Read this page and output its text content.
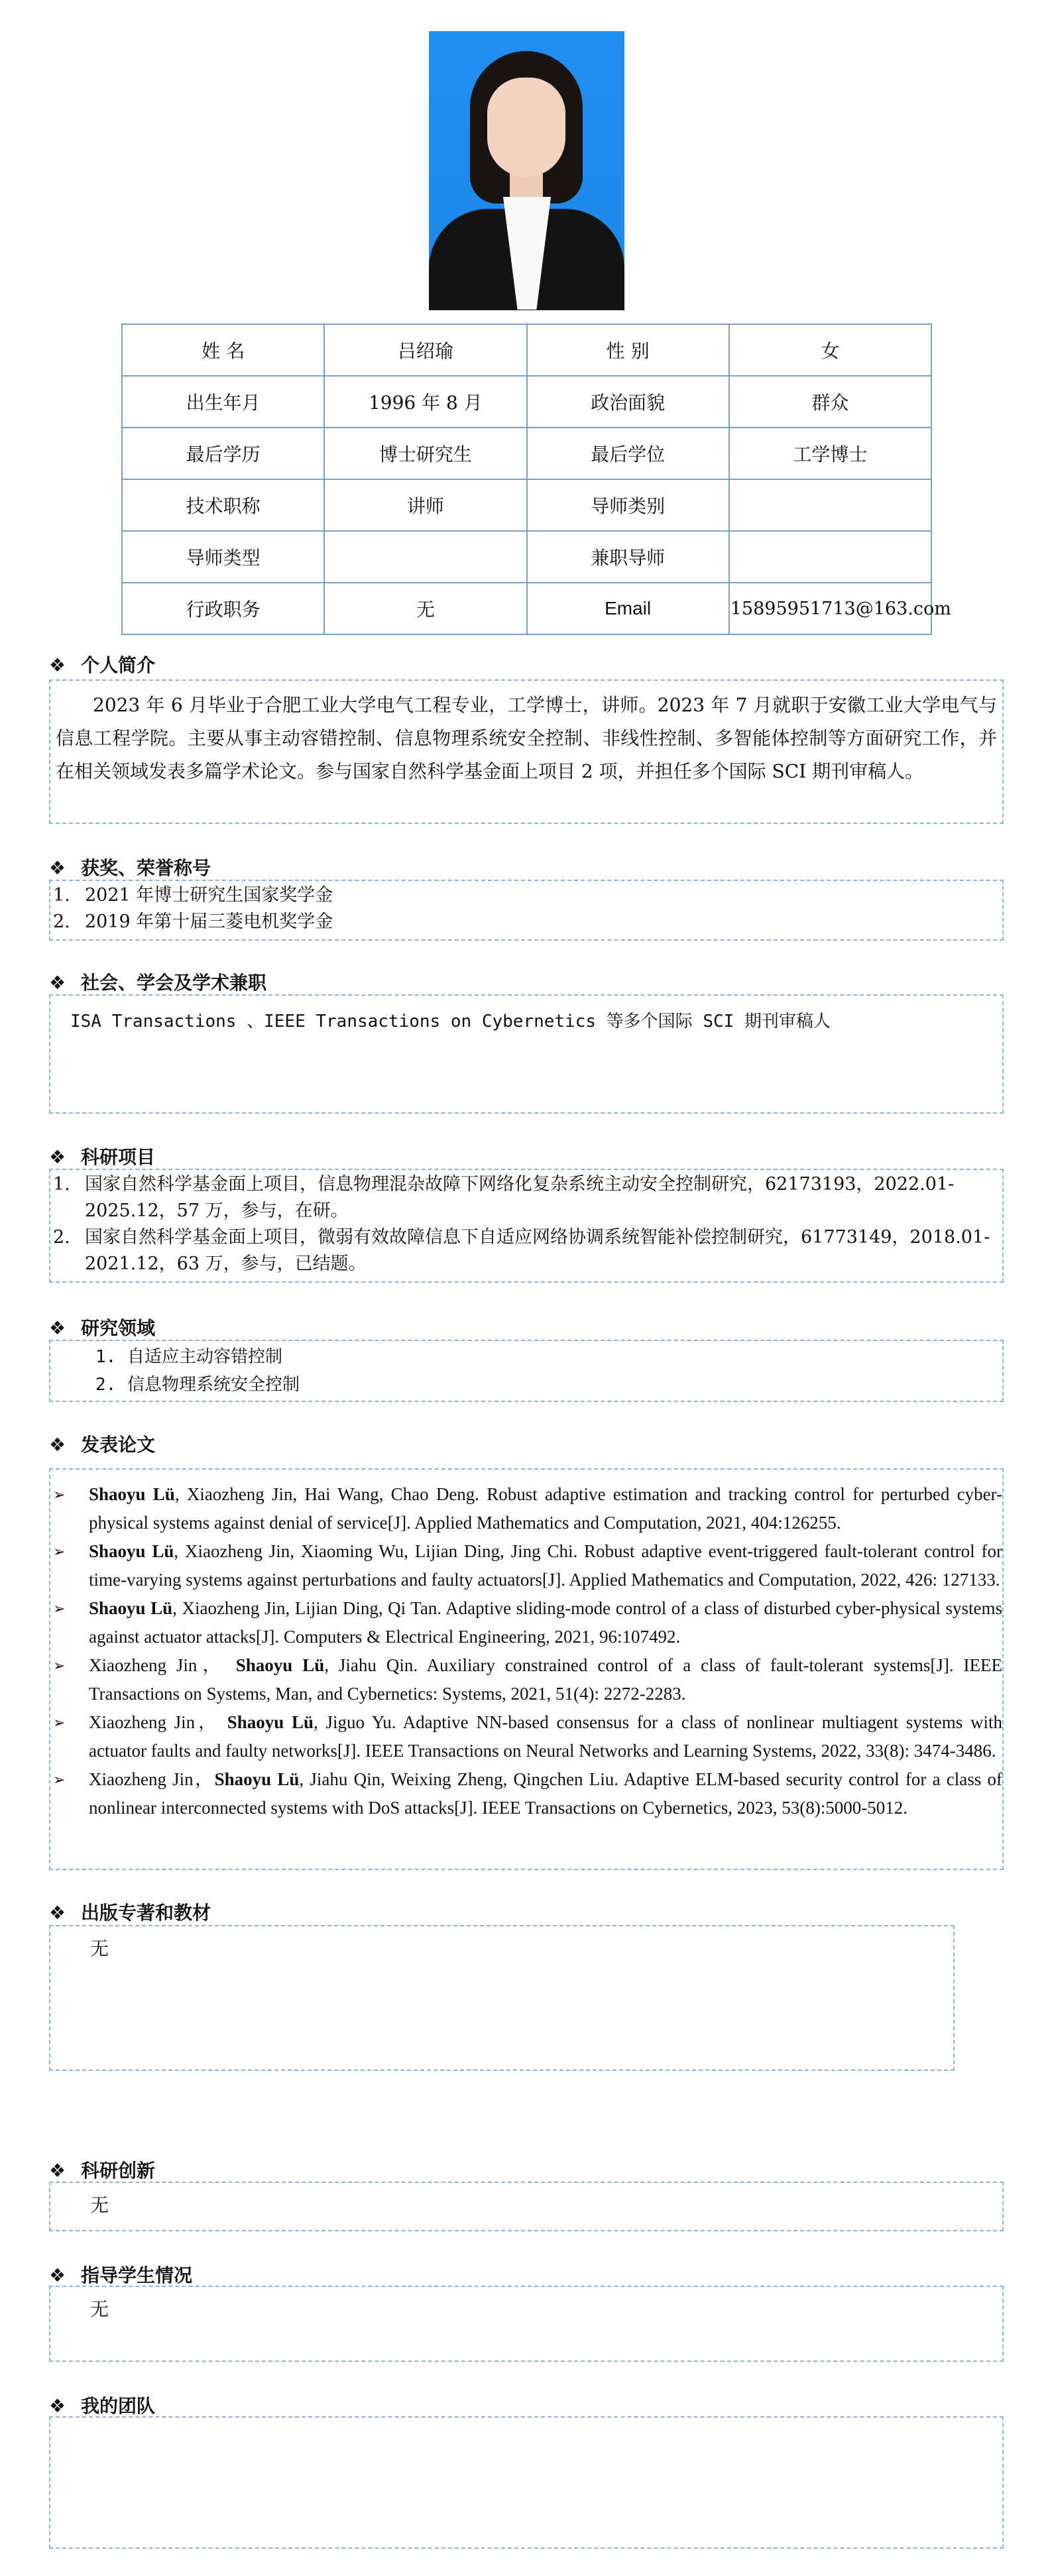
姓 名	吕绍瑜	性 别	女
出生年月	1996 年 8 月	政治面貌	群众
最后学历	博士研究生	最后学位	工学博士
技术职称	讲师	导师类别	
导师类型		兼职导师	
行政职务	无	Email	15895951713@163.com
❖ 个人简介
2023 年 6 月毕业于合肥工业大学电气工程专业，工学博士，讲师。2023 年 7 月就职于安徽工业大学电气与信息工程学院。主要从事主动容错控制、信息物理系统安全控制、非线性控制、多智能体控制等方面研究工作，并在相关领域发表多篇学术论文。参与国家自然科学基金面上项目 2 项，并担任多个国际 SCI 期刊审稿人。
❖ 获奖、荣誉称号
1. 2021 年博士研究生国家奖学金
2. 2019 年第十届三菱电机奖学金
❖ 社会、学会及学术兼职
ISA Transactions 、IEEE Transactions on Cybernetics 等多个国际 SCI 期刊审稿人
❖ 科研项目
1. 国家自然科学基金面上项目，信息物理混杂故障下网络化复杂系统主动安全控制研究，62173193，2022.01-2025.12，57 万，参与，在研。
2. 国家自然科学基金面上项目，微弱有效故障信息下自适应网络协调系统智能补偿控制研究，61773149，2018.01-2021.12，63 万，参与，已结题。
❖ 研究领域
1. 自适应主动容错控制
2. 信息物理系统安全控制
❖ 发表论文
➢ Shaoyu Lü, Xiaozheng Jin, Hai Wang, Chao Deng. Robust adaptive estimation and tracking control for perturbed cyber-physical systems against denial of service[J]. Applied Mathematics and Computation, 2021, 404:126255.
➢ Shaoyu Lü, Xiaozheng Jin, Xiaoming Wu, Lijian Ding, Jing Chi. Robust adaptive event-triggered fault-tolerant control for time-varying systems against perturbations and faulty actuators[J]. Applied Mathematics and Computation, 2022, 426: 127133.
➢ Shaoyu Lü, Xiaozheng Jin, Lijian Ding, Qi Tan. Adaptive sliding-mode control of a class of disturbed cyber-physical systems against actuator attacks[J]. Computers & Electrical Engineering, 2021, 96:107492.
➢ Xiaozheng Jin， Shaoyu Lü, Jiahu Qin. Auxiliary constrained control of a class of fault-tolerant systems[J]. IEEE Transactions on Systems, Man, and Cybernetics: Systems, 2021, 51(4): 2272-2283.
➢ Xiaozheng Jin， Shaoyu Lü, Jiguo Yu. Adaptive NN-based consensus for a class of nonlinear multiagent systems with actuator faults and faulty networks[J]. IEEE Transactions on Neural Networks and Learning Systems, 2022, 33(8): 3474-3486.
➢ Xiaozheng Jin，Shaoyu Lü, Jiahu Qin, Weixing Zheng, Qingchen Liu. Adaptive ELM-based security control for a class of nonlinear interconnected systems with DoS attacks[J]. IEEE Transactions on Cybernetics, 2023, 53(8):5000-5012.
❖ 出版专著和教材
无
❖ 科研创新
无
❖ 指导学生情况
无
❖ 我的团队
